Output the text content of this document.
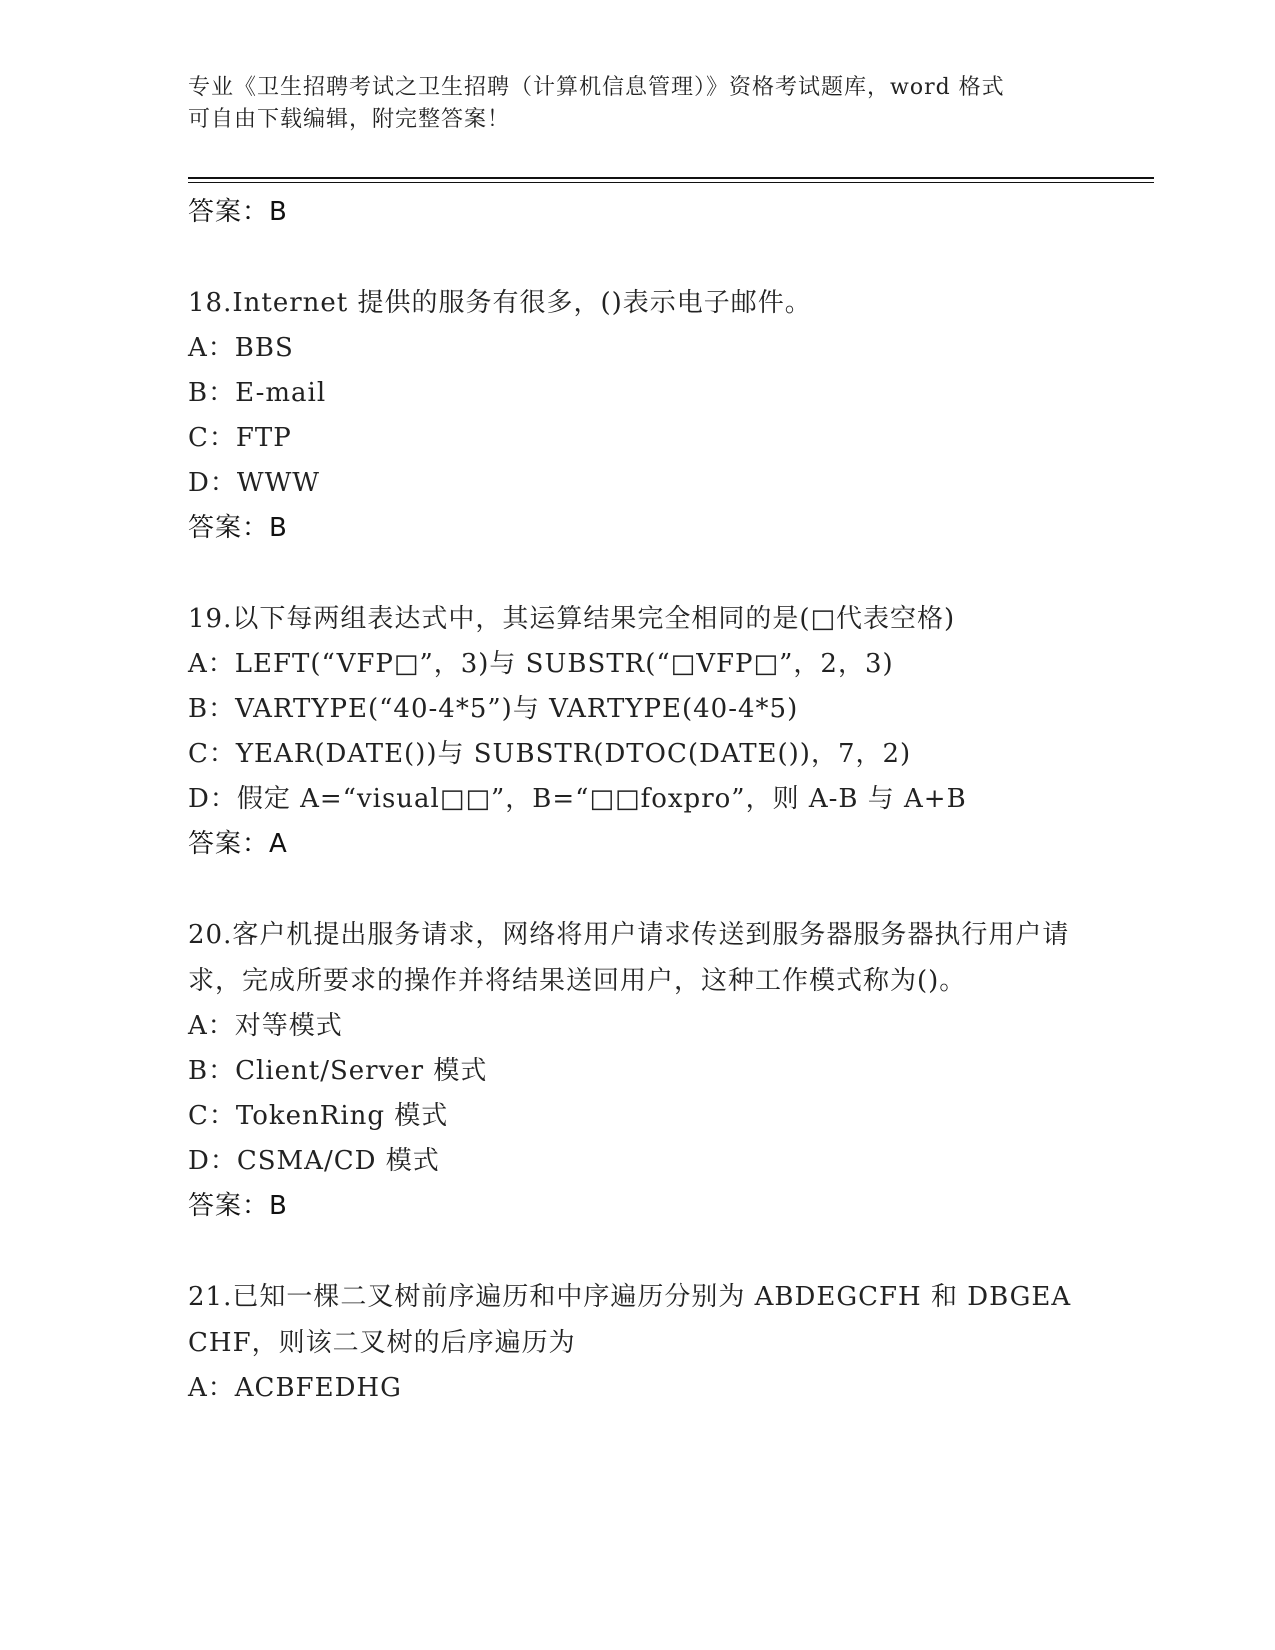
专业《卫生招聘考试之卫生招聘（计算机信息管理）》资格考试题库，word 格式
可自由下载编辑，附完整答案！
答案：B
18.Internet 提供的服务有很多，()表示电子邮件。
A：BBS
B：E-mail
C：FTP
D：WWW
答案：B
19.以下每两组表达式中，其运算结果完全相同的是(□代表空格)
A：LEFT(“VFP□”，3)与 SUBSTR(“□VFP□”，2，3)
B：VARTYPE(“40-4*5”)与 VARTYPE(40-4*5)
C：YEAR(DATE())与 SUBSTR(DTOC(DATE())，7，2)
D：假定 A=“visual□□”，B=“□□foxpro”，则 A-B 与 A+B
答案：A
20.客户机提出服务请求，网络将用户请求传送到服务器服务器执行用户请求，完成所要求的操作并将结果送回用户，这种工作模式称为()。
A：对等模式
B：Client/Server 模式
C：TokenRing 模式
D：CSMA/CD 模式
答案：B
21.已知一棵二叉树前序遍历和中序遍历分别为 ABDEGCFH 和 DBGEACHF，则该二叉树的后序遍历为
A：ACBFEDHG
